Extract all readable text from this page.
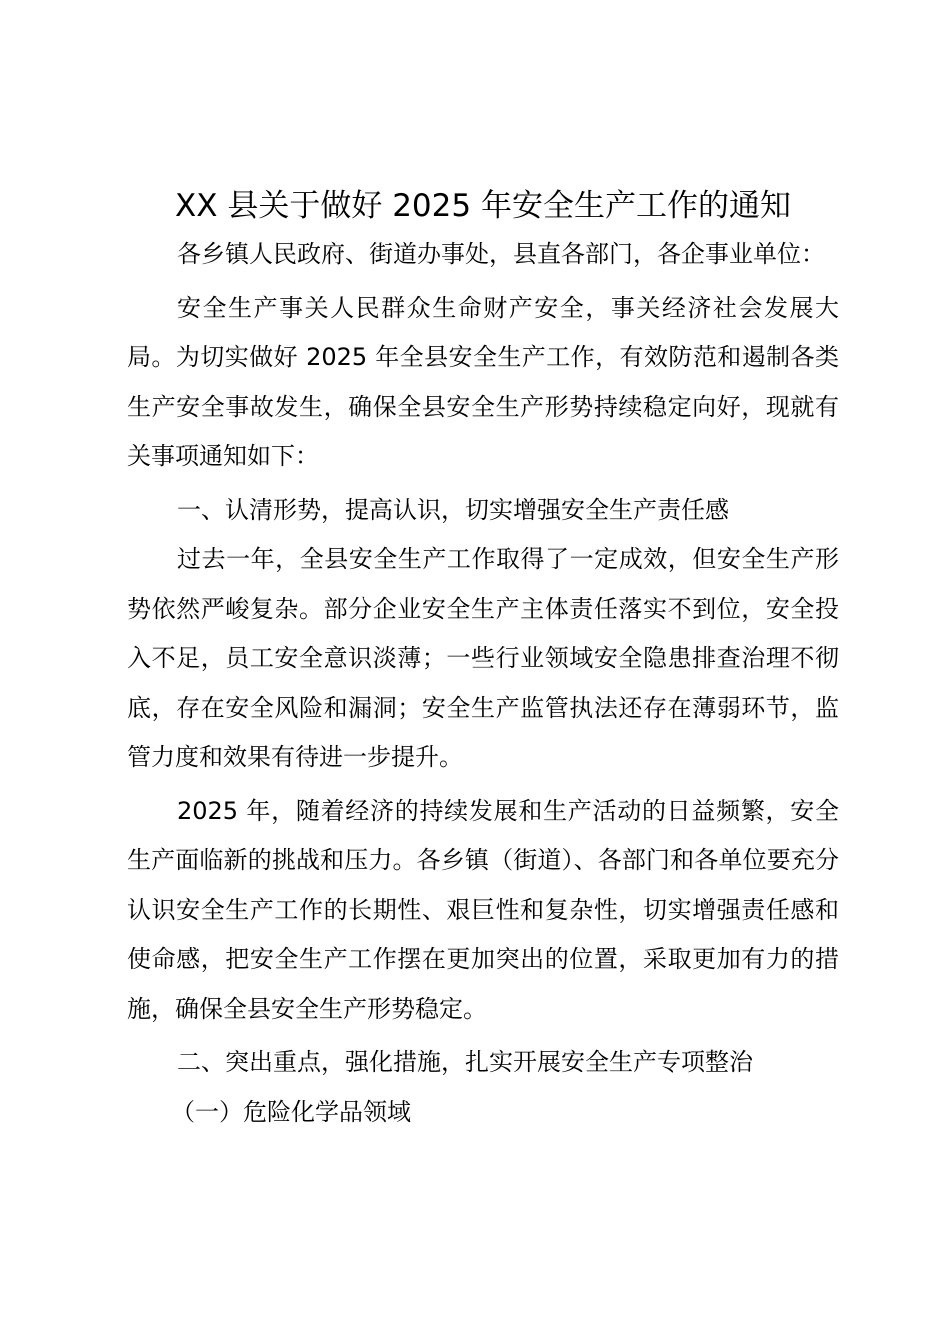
XX 县关于做好 2025 年安全生产工作的通知

各乡镇人民政府、街道办事处，县直各部门，各企事业单位：

安全生产事关人民群众生命财产安全，事关经济社会发展大局。为切实做好 2025 年全县安全生产工作，有效防范和遏制各类生产安全事故发生，确保全县安全生产形势持续稳定向好，现就有关事项通知如下：

一、认清形势，提高认识，切实增强安全生产责任感

过去一年，全县安全生产工作取得了一定成效，但安全生产形势依然严峻复杂。部分企业安全生产主体责任落实不到位，安全投入不足，员工安全意识淡薄；一些行业领域安全隐患排查治理不彻底，存在安全风险和漏洞；安全生产监管执法还存在薄弱环节，监管力度和效果有待进一步提升。

2025 年，随着经济的持续发展和生产活动的日益频繁，安全生产面临新的挑战和压力。各乡镇（街道）、各部门和各单位要充分认识安全生产工作的长期性、艰巨性和复杂性，切实增强责任感和使命感，把安全生产工作摆在更加突出的位置，采取更加有力的措施，确保全县安全生产形势稳定。

二、突出重点，强化措施，扎实开展安全生产专项整治

（一）危险化学品领域
